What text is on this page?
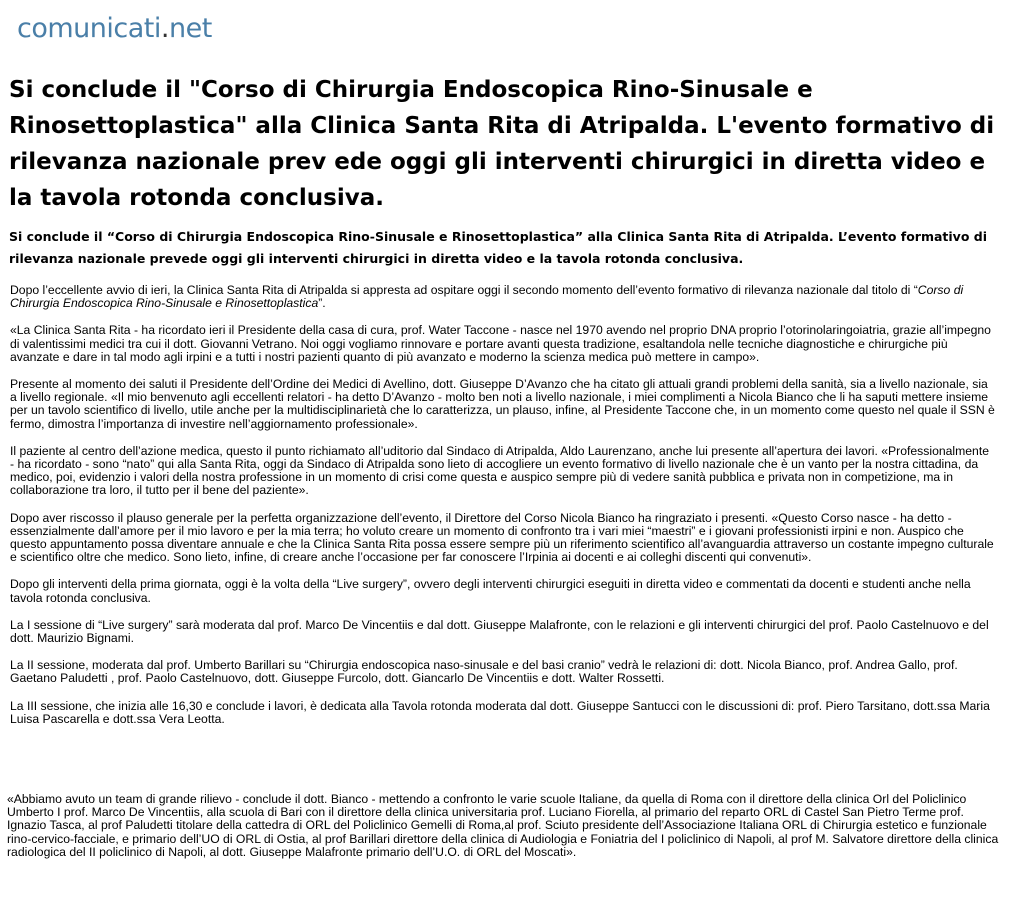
comunicati.net
Si conclude il "Corso di Chirurgia Endoscopica Rino-Sinusale e Rinosettoplastica" alla Clinica Santa Rita di Atripalda. L'evento formativo di rilevanza nazionale prev ede oggi gli interventi chirurgici in diretta video e la tavola rotonda conclusiva.

Si conclude il “Corso di Chirurgia Endoscopica Rino-Sinusale e Rinosettoplastica” alla Clinica Santa Rita di Atripalda. L’evento formativo di rilevanza nazionale prevede oggi gli interventi chirurgici in diretta video e la tavola rotonda conclusiva.

Dopo l’eccellente avvio di ieri, la Clinica Santa Rita di Atripalda si appresta ad ospitare oggi il secondo momento dell’evento formativo di rilevanza nazionale dal titolo di “Corso di Chirurgia Endoscopica Rino-Sinusale e Rinosettoplastica”.

«La Clinica Santa Rita - ha ricordato ieri il Presidente della casa di cura, prof. Water Taccone - nasce nel 1970 avendo nel proprio DNA proprio l’otorinolaringoiatria, grazie all’impegno di valentissimi medici tra cui il dott. Giovanni Vetrano. Noi oggi vogliamo rinnovare e portare avanti questa tradizione, esaltandola nelle tecniche diagnostiche e chirurgiche più avanzate e dare in tal modo agli irpini e a tutti i nostri pazienti quanto di più avanzato e moderno la scienza medica può mettere in campo».

Presente al momento dei saluti il Presidente dell’Ordine dei Medici di Avellino, dott. Giuseppe D’Avanzo che ha citato gli attuali grandi problemi della sanità, sia a livello nazionale, sia a livello regionale. «Il mio benvenuto agli eccellenti relatori - ha detto D’Avanzo - molto ben noti a livello nazionale, i miei complimenti a Nicola Bianco che li ha saputi mettere insieme per un tavolo scientifico di livello, utile anche per la multidisciplinarietà che lo caratterizza, un plauso, infine, al Presidente Taccone che, in un momento come questo nel quale il SSN è fermo, dimostra l’importanza di investire nell’aggiornamento professionale».

Il paziente al centro dell’azione medica, questo il punto richiamato all’uditorio dal Sindaco di Atripalda, Aldo Laurenzano, anche lui presente all’apertura dei lavori. «Professionalmente - ha ricordato - sono “nato” qui alla Santa Rita, oggi da Sindaco di Atripalda sono lieto di accogliere un evento formativo di livello nazionale che è un vanto per la nostra cittadina, da medico, poi, evidenzio i valori della nostra professione in un momento di crisi come questa e auspico sempre più di vedere sanità pubblica e privata non in competizione, ma in collaborazione tra loro, il tutto per il bene del paziente».

Dopo aver riscosso il plauso generale per la perfetta organizzazione dell’evento, il Direttore del Corso Nicola Bianco ha ringraziato i presenti. «Questo Corso nasce - ha detto - essenzialmente dall’amore per il mio lavoro e per la mia terra; ho voluto creare un momento di confronto tra i vari miei “maestri” e i giovani professionisti irpini e non. Auspico che questo appuntamento possa diventare annuale e che la Clinica Santa Rita possa essere sempre più un riferimento scientifico all’avanguardia attraverso un costante impegno culturale e scientifico oltre che medico. Sono lieto, infine, di creare anche l’occasione per far conoscere l’Irpinia ai docenti e ai colleghi discenti qui convenuti».

Dopo gli interventi della prima giornata, oggi è la volta della “Live surgery”, ovvero degli interventi chirurgici eseguiti in diretta video e commentati da docenti e studenti anche nella tavola rotonda conclusiva.

La I sessione di “Live surgery” sarà moderata dal prof. Marco De Vincentiis e dal dott. Giuseppe Malafronte, con le relazioni e gli interventi chirurgici del prof. Paolo Castelnuovo e del dott. Maurizio Bignami.

La II sessione, moderata dal prof. Umberto Barillari su “Chirurgia endoscopica naso-sinusale e del basi cranio” vedrà le relazioni di: dott. Nicola Bianco, prof. Andrea Gallo, prof. Gaetano Paludetti , prof. Paolo Castelnuovo, dott. Giuseppe Furcolo, dott. Giancarlo De Vincentiis e dott. Walter Rossetti.

La III sessione, che inizia alle 16,30 e conclude i lavori, è dedicata alla Tavola rotonda moderata dal dott. Giuseppe Santucci con le discussioni di: prof. Piero Tarsitano, dott.ssa Maria Luisa Pascarella e dott.ssa Vera Leotta.

«Abbiamo avuto un team di grande rilievo - conclude il dott. Bianco - mettendo a confronto le varie scuole Italiane, da quella di Roma con il direttore della clinica Orl del Policlinico Umberto I prof. Marco De Vincentiis, alla scuola di Bari con il direttore della clinica universitaria prof. Luciano Fiorella, al primario del reparto ORL di Castel San Pietro Terme prof. Ignazio Tasca, al prof Paludetti titolare della cattedra di ORL del Policlinico Gemelli di Roma,al prof. Sciuto presidente dell’Associazione Italiana ORL di Chirurgia estetico e funzionale rino-cervico-facciale, e primario dell’UO di ORL di Ostia, al prof Barillari direttore della clinica di Audiologia e Foniatria del I policlinico di Napoli, al prof M. Salvatore direttore della clinica radiologica del II policlinico di Napoli, al dott. Giuseppe Malafronte primario dell’U.O. di ORL del Moscati».
